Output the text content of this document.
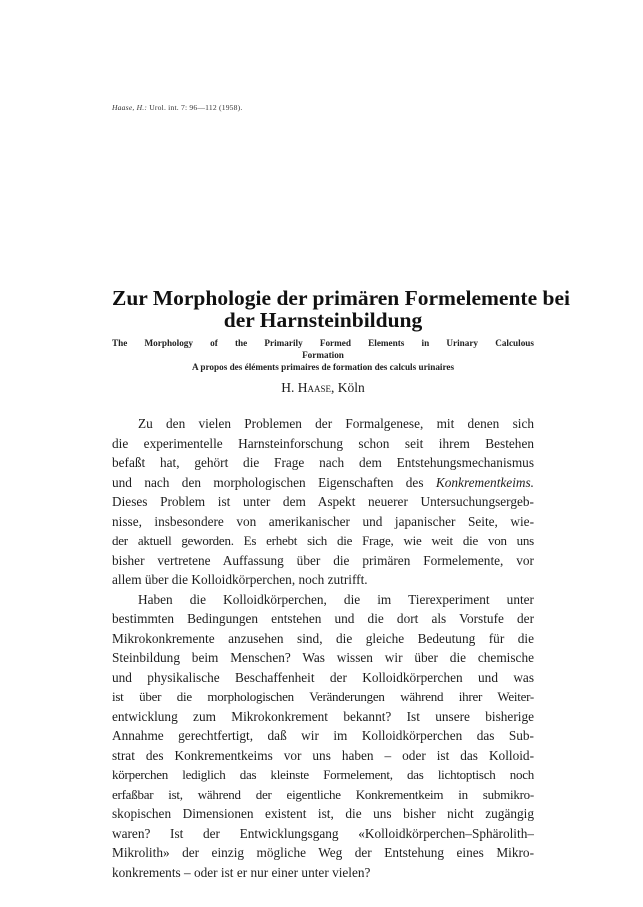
Haase, H.: Urol. int. 7: 96—112 (1958).
Zur Morphologie der primären Formelemente bei
der Harnsteinbildung
The Morphology of the Primarily Formed Elements in Urinary Calculous
Formation
A propos des éléments primaires de formation des calculs urinaires
H. Haase, Köln
Zu den vielen Problemen der Formalgenese, mit denen sich
die experimentelle Harnsteinforschung schon seit ihrem Bestehen
befaßt hat, gehört die Frage nach dem Entstehungsmechanismus
und nach den morphologischen Eigenschaften des Konkrementkeims.
Dieses Problem ist unter dem Aspekt neuerer Untersuchungsergeb-
nisse, insbesondere von amerikanischer und japanischer Seite, wie-
der aktuell geworden. Es erhebt sich die Frage, wie weit die von uns
bisher vertretene Auffassung über die primären Formelemente, vor
allem über die Kolloidkörperchen, noch zutrifft.
Haben die Kolloidkörperchen, die im Tierexperiment unter
bestimmten Bedingungen entstehen und die dort als Vorstufe der
Mikrokonkremente anzusehen sind, die gleiche Bedeutung für die
Steinbildung beim Menschen? Was wissen wir über die chemische
und physikalische Beschaffenheit der Kolloidkörperchen und was
ist über die morphologischen Veränderungen während ihrer Weiter-
entwicklung zum Mikrokonkrement bekannt? Ist unsere bisherige
Annahme gerechtfertigt, daß wir im Kolloidkörperchen das Sub-
strat des Konkrementkeims vor uns haben – oder ist das Kolloid-
körperchen lediglich das kleinste Formelement, das lichtoptisch noch
erfaßbar ist, während der eigentliche Konkrementkeim in submikro-
skopischen Dimensionen existent ist, die uns bisher nicht zugängig
waren? Ist der Entwicklungsgang «Kolloidkörperchen–Sphärolith–
Mikrolith» der einzig mögliche Weg der Entstehung eines Mikro-
konkrements – oder ist er nur einer unter vielen?
